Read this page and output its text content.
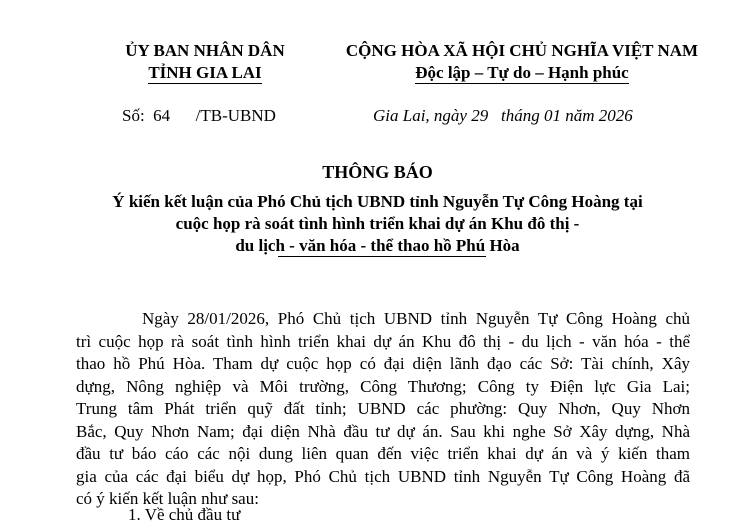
ỦY BAN NHÂN DÂN
TỈNH GIA LAI
CỘNG HÒA XÃ HỘI CHỦ NGHĨA VIỆT NAM
Độc lập – Tự do – Hạnh phúc
Số:  64      /TB-UBND	Gia Lai, ngày 29   tháng 01 năm 2026
THÔNG BÁO
Ý kiến kết luận của Phó Chủ tịch UBND tỉnh Nguyễn Tự Công Hoàng tại
cuộc họp rà soát tình hình triển khai dự án Khu đô thị -
du lịch - văn hóa - thể thao hồ Phú Hòa
Ngày 28/01/2026, Phó Chủ tịch UBND tỉnh Nguyễn Tự Công Hoàng chủ
trì cuộc họp rà soát tình hình triển khai dự án Khu đô thị - du lịch - văn hóa - thể
thao hồ Phú Hòa. Tham dự cuộc họp có đại diện lãnh đạo các Sở: Tài chính, Xây
dựng, Nông nghiệp và Môi trường, Công Thương; Công ty Điện lực Gia Lai;
Trung tâm Phát triển quỹ đất tỉnh; UBND các phường: Quy Nhơn, Quy Nhơn
Bắc, Quy Nhơn Nam; đại diện Nhà đầu tư dự án. Sau khi nghe Sở Xây dựng, Nhà
đầu tư báo cáo các nội dung liên quan đến việc triển khai dự án và ý kiến tham
gia của các đại biểu dự họp, Phó Chủ tịch UBND tỉnh Nguyễn Tự Công Hoàng đã
có ý kiến kết luận như sau:
1. Về chủ đầu tư
